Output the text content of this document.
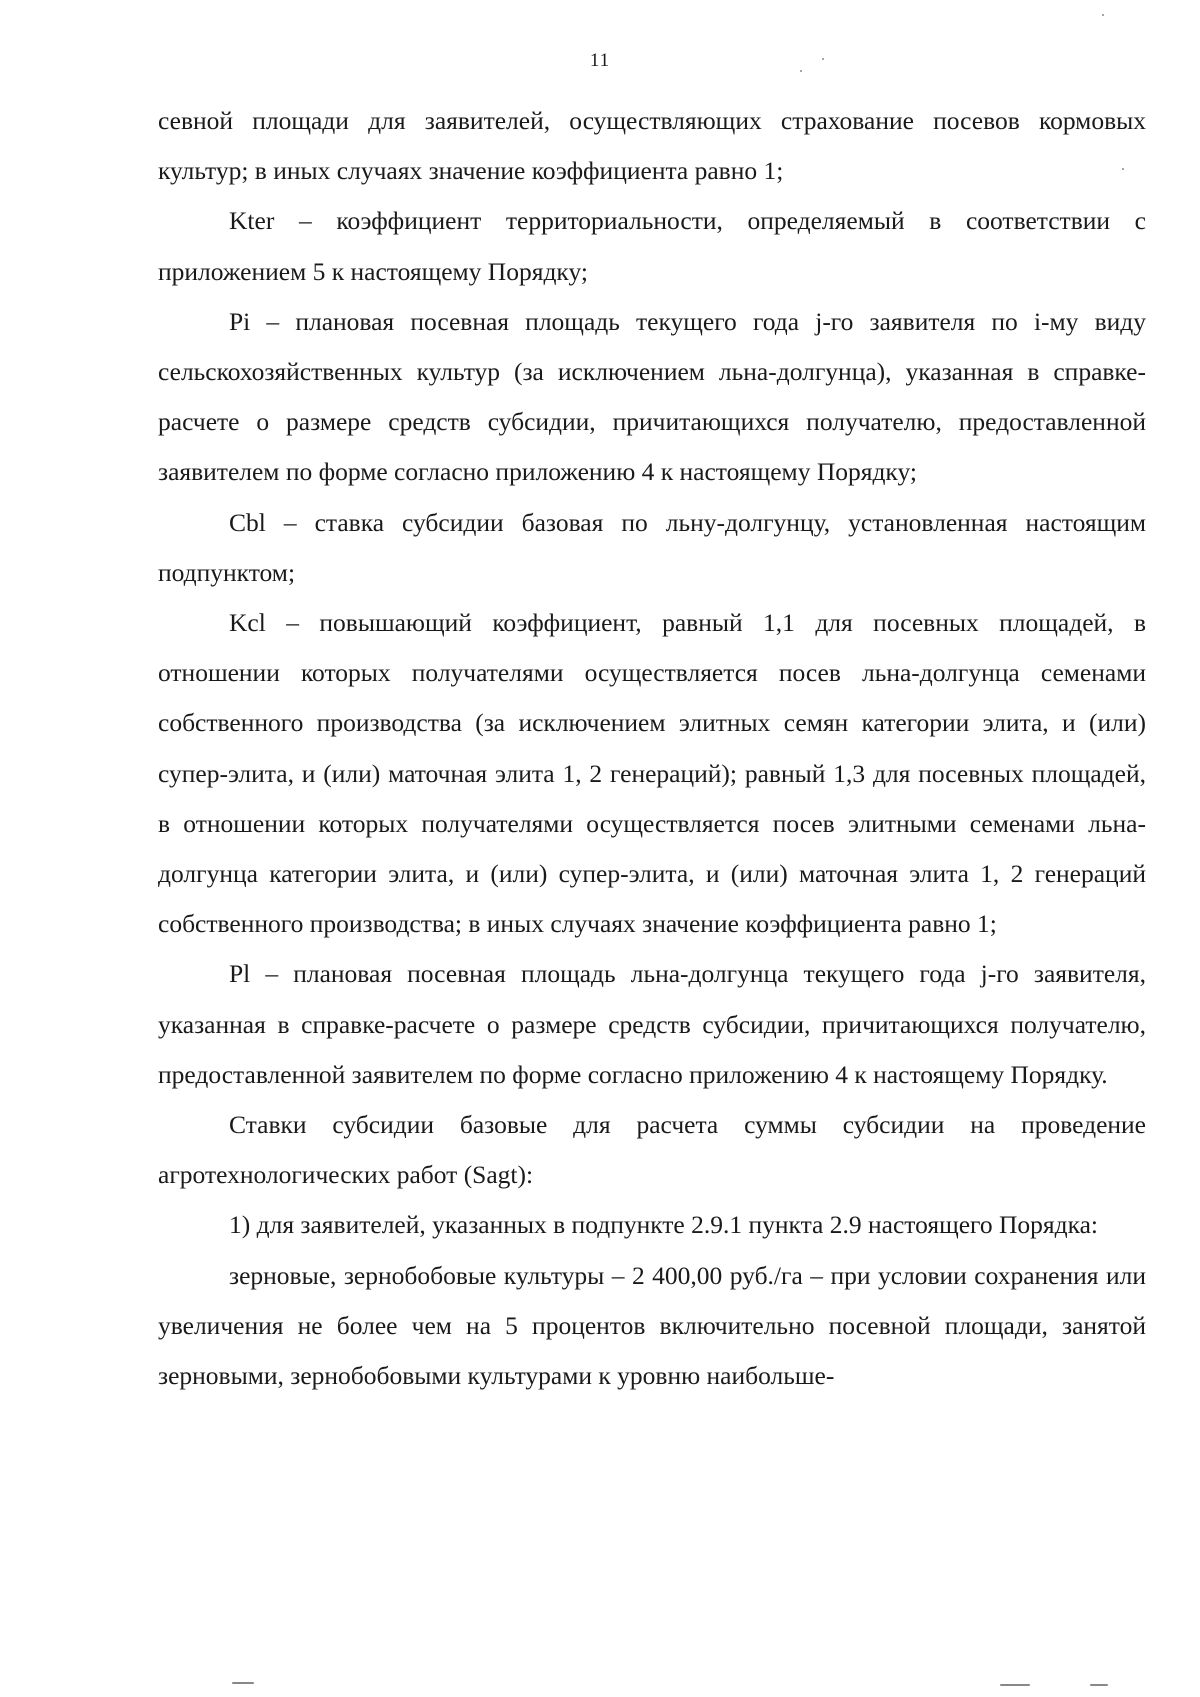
11

севной площади для заявителей, осуществляющих страхование посевов кормовых культур; в иных случаях значение коэффициента равно 1;

Kter – коэффициент территориальности, определяемый в соответствии с приложением 5 к настоящему Порядку;

Pi – плановая посевная площадь текущего года j-го заявителя по i-му виду сельскохозяйственных культур (за исключением льна-долгунца), указанная в справке-расчете о размере средств субсидии, причитающихся получателю, предоставленной заявителем по форме согласно приложению 4 к настоящему Порядку;

Cbl – ставка субсидии базовая по льну-долгунцу, установленная настоящим подпунктом;

Kcl – повышающий коэффициент, равный 1,1 для посевных площадей, в отношении которых получателями осуществляется посев льна-долгунца семенами собственного производства (за исключением элитных семян категории элита, и (или) супер-элита, и (или) маточная элита 1, 2 генераций); равный 1,3 для посевных площадей, в отношении которых получателями осуществляется посев элитными семенами льна-долгунца категории элита, и (или) супер-элита, и (или) маточная элита 1, 2 генераций собственного производства; в иных случаях значение коэффициента равно 1;

Pl – плановая посевная площадь льна-долгунца текущего года j-го заявителя, указанная в справке-расчете о размере средств субсидии, причитающихся получателю, предоставленной заявителем по форме согласно приложению 4 к настоящему Порядку.

Ставки субсидии базовые для расчета суммы субсидии на проведение агротехнологических работ (Sagt):

1) для заявителей, указанных в подпункте 2.9.1 пункта 2.9 настоящего Порядка:

зерновые, зернобобовые культуры – 2 400,00 руб./га – при условии сохранения или увеличения не более чем на 5 процентов включительно посевной площади, занятой зерновыми, зернобобовыми культурами к уровню наибольше-
